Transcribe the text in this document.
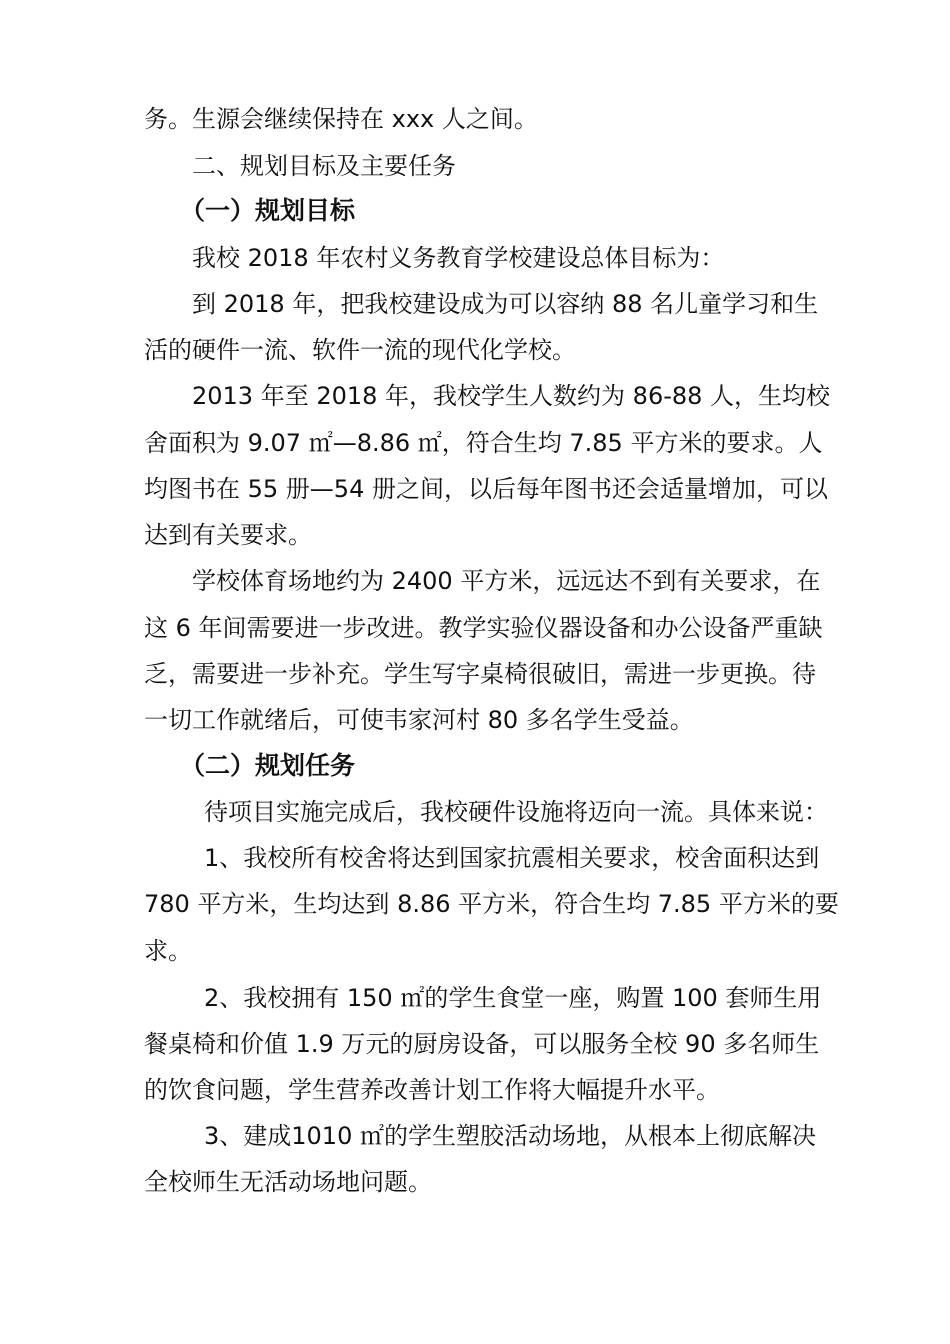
务。生源会继续保持在 xxx 人之间。
二、规划目标及主要任务
（一）规划目标
我校 2018 年农村义务教育学校建设总体目标为：
到 2018 年，把我校建设成为可以容纳 88 名儿童学习和生
活的硬件一流、软件一流的现代化学校。
2013 年至 2018 年，我校学生人数约为 86-88 人，生均校
舍面积为 9.07 ㎡—8.86 ㎡，符合生均 7.85 平方米的要求。人
均图书在 55 册—54 册之间，以后每年图书还会适量增加，可以
达到有关要求。
学校体育场地约为 2400 平方米，远远达不到有关要求，在
这 6 年间需要进一步改进。教学实验仪器设备和办公设备严重缺
乏，需要进一步补充。学生写字桌椅很破旧，需进一步更换。待
一切工作就绪后，可使韦家河村 80 多名学生受益。
（二）规划任务
待项目实施完成后，我校硬件设施将迈向一流。具体来说：
1、我校所有校舍将达到国家抗震相关要求，校舍面积达到
780 平方米，生均达到 8.86 平方米，符合生均 7.85 平方米的要
求。
2、我校拥有 150 ㎡的学生食堂一座，购置 100 套师生用
餐桌椅和价值 1.9 万元的厨房设备，可以服务全校 90 多名师生
的饮食问题，学生营养改善计划工作将大幅提升水平。
3、建成1010 ㎡的学生塑胶活动场地，从根本上彻底解决
全校师生无活动场地问题。
